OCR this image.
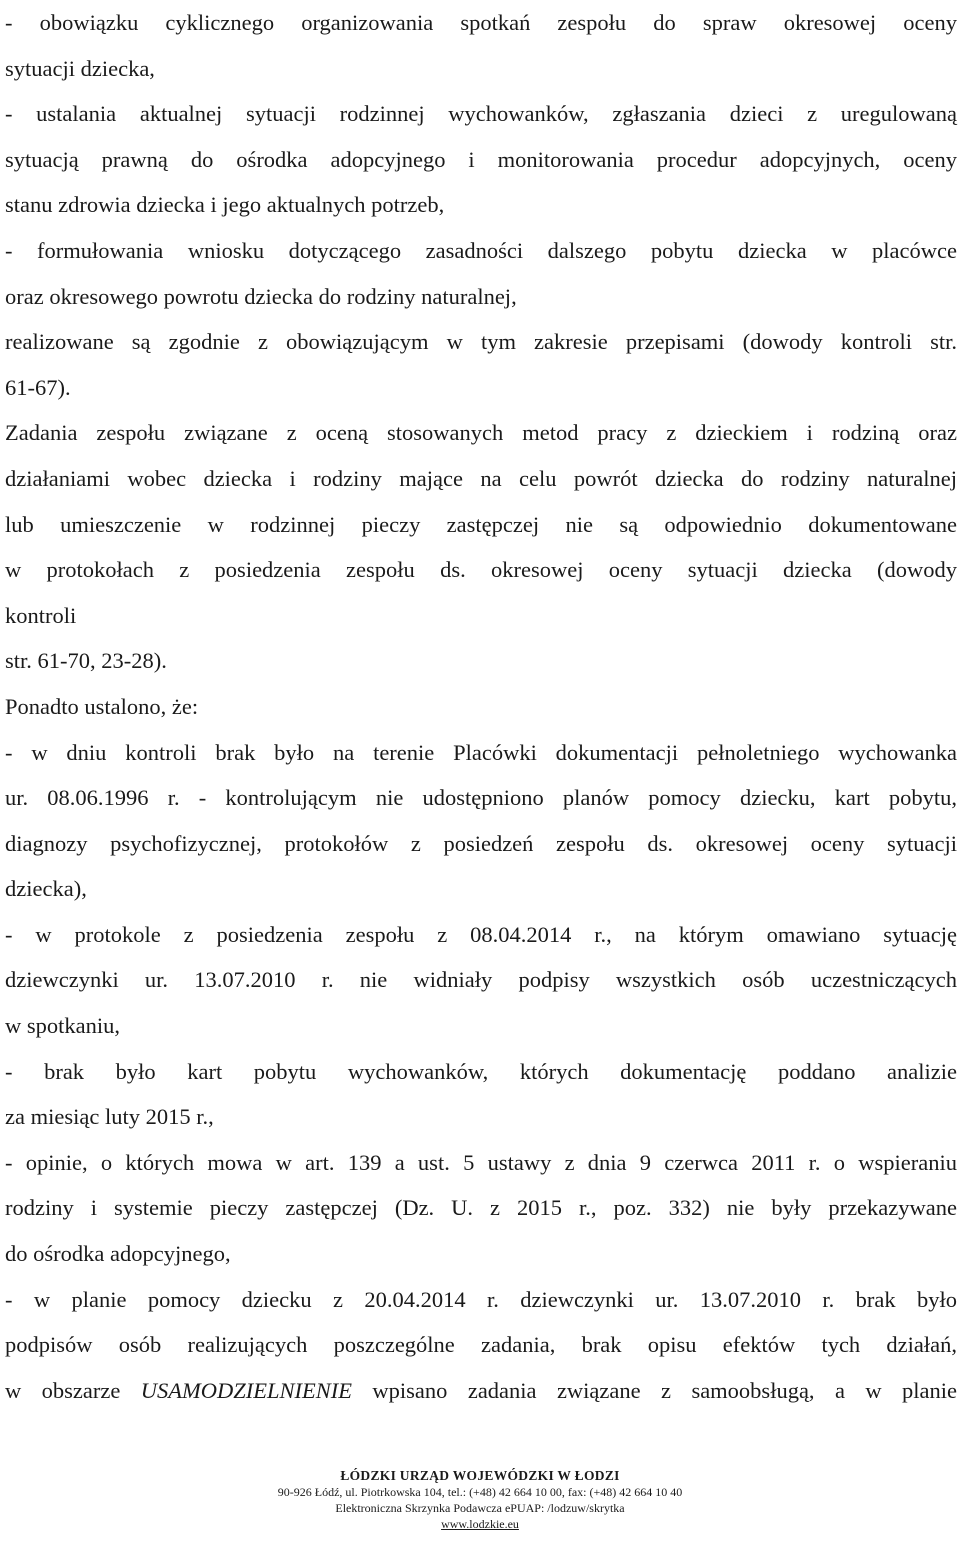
- obowiązku cyklicznego organizowania spotkań zespołu do spraw okresowej oceny
sytuacji dziecka,
- ustalania aktualnej sytuacji rodzinnej wychowanków, zgłaszania dzieci z uregulowaną
sytuacją prawną do ośrodka adopcyjnego i monitorowania procedur adopcyjnych, oceny
stanu zdrowia dziecka i jego aktualnych potrzeb,
- formułowania wniosku dotyczącego zasadności dalszego pobytu dziecka w placówce
oraz okresowego powrotu dziecka do rodziny naturalnej,
realizowane są zgodnie z obowiązującym w tym zakresie przepisami (dowody kontroli str.
61-67).
Zadania zespołu związane z oceną stosowanych metod pracy z dzieckiem i rodziną oraz
działaniami wobec dziecka i rodziny mające na celu powrót dziecka do rodziny naturalnej
lub umieszczenie w rodzinnej pieczy zastępczej nie są odpowiednio dokumentowane
w protokołach z posiedzenia zespołu ds. okresowej oceny sytuacji dziecka (dowody
kontroli
str. 61-70, 23-28).
Ponadto ustalono, że:
- w dniu kontroli brak było na terenie Placówki dokumentacji pełnoletniego wychowanka
ur. 08.06.1996 r. - kontrolującym nie udostępniono planów pomocy dziecku, kart pobytu,
diagnozy psychofizycznej, protokołów z posiedzeń zespołu ds. okresowej oceny sytuacji
dziecka),
- w protokole z posiedzenia zespołu z 08.04.2014 r., na którym omawiano sytuację
dziewczynki ur. 13.07.2010 r. nie widniały podpisy wszystkich osób uczestniczących
w spotkaniu,
- brak było kart pobytu wychowanków, których dokumentację poddano analizie
za miesiąc luty 2015 r.,
- opinie, o których mowa w art. 139 a ust. 5 ustawy z dnia 9 czerwca 2011 r. o wspieraniu
rodziny i systemie pieczy zastępczej (Dz. U. z 2015 r., poz. 332) nie były przekazywane
do ośrodka adopcyjnego,
- w planie pomocy dziecku z 20.04.2014 r. dziewczynki ur. 13.07.2010 r. brak było
podpisów osób realizujących poszczególne zadania, brak opisu efektów tych działań,
w obszarze USAMODZIELNIENIE wpisano zadania związane z samoobsługą, a w planie
ŁÓDZKI URZĄD WOJEWÓDZKI W ŁODZI
90-926 Łódź, ul. Piotrkowska 104, tel.: (+48) 42 664 10 00, fax: (+48) 42 664 10 40
Elektroniczna Skrzynka Podawcza ePUAP: /lodzuw/skrytka
www.lodzkie.eu
